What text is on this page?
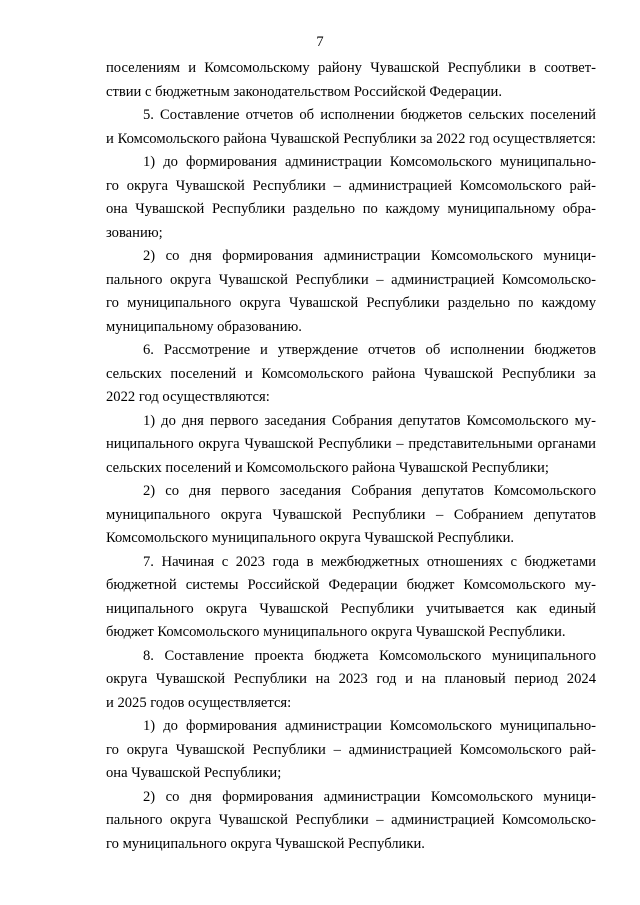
7
поселениям и Комсомольскому району Чувашской Республики в соответ-
ствии с бюджетным законодательством Российской Федерации.
5. Составление отчетов об исполнении бюджетов сельских поселений
и Комсомольского района Чувашской Республики за 2022 год осуществляется:
1) до формирования администрации Комсомольского муниципально-
го округа Чувашской Республики – администрацией Комсомольского рай-
она Чувашской Республики раздельно по каждому муниципальному обра-
зованию;
2) со дня формирования администрации Комсомольского муници-
пального округа Чувашской Республики – администрацией Комсомольско-
го муниципального округа Чувашской Республики раздельно по каждому
муниципальному образованию.
6. Рассмотрение и утверждение отчетов об исполнении бюджетов
сельских поселений и Комсомольского района Чувашской Республики за
2022 год осуществляются:
1) до дня первого заседания Собрания депутатов Комсомольского му-
ниципального округа Чувашской Республики – представительными органами
сельских поселений и Комсомольского района Чувашской Республики;
2) со дня первого заседания Собрания депутатов Комсомольского
муниципального округа Чувашской Республики – Собранием депутатов
Комсомольского муниципального округа Чувашской Республики.
7. Начиная с 2023 года в межбюджетных отношениях с бюджетами
бюджетной системы Российской Федерации бюджет Комсомольского му-
ниципального округа Чувашской Республики учитывается как единый
бюджет Комсомольского муниципального округа Чувашской Республики.
8. Составление проекта бюджета Комсомольского муниципального
округа Чувашской Республики на 2023 год и на плановый период 2024
и 2025 годов осуществляется:
1) до формирования администрации Комсомольского муниципально-
го округа Чувашской Республики – администрацией Комсомольского рай-
она Чувашской Республики;
2) со дня формирования администрации Комсомольского муници-
пального округа Чувашской Республики – администрацией Комсомольско-
го муниципального округа Чувашской Республики.
